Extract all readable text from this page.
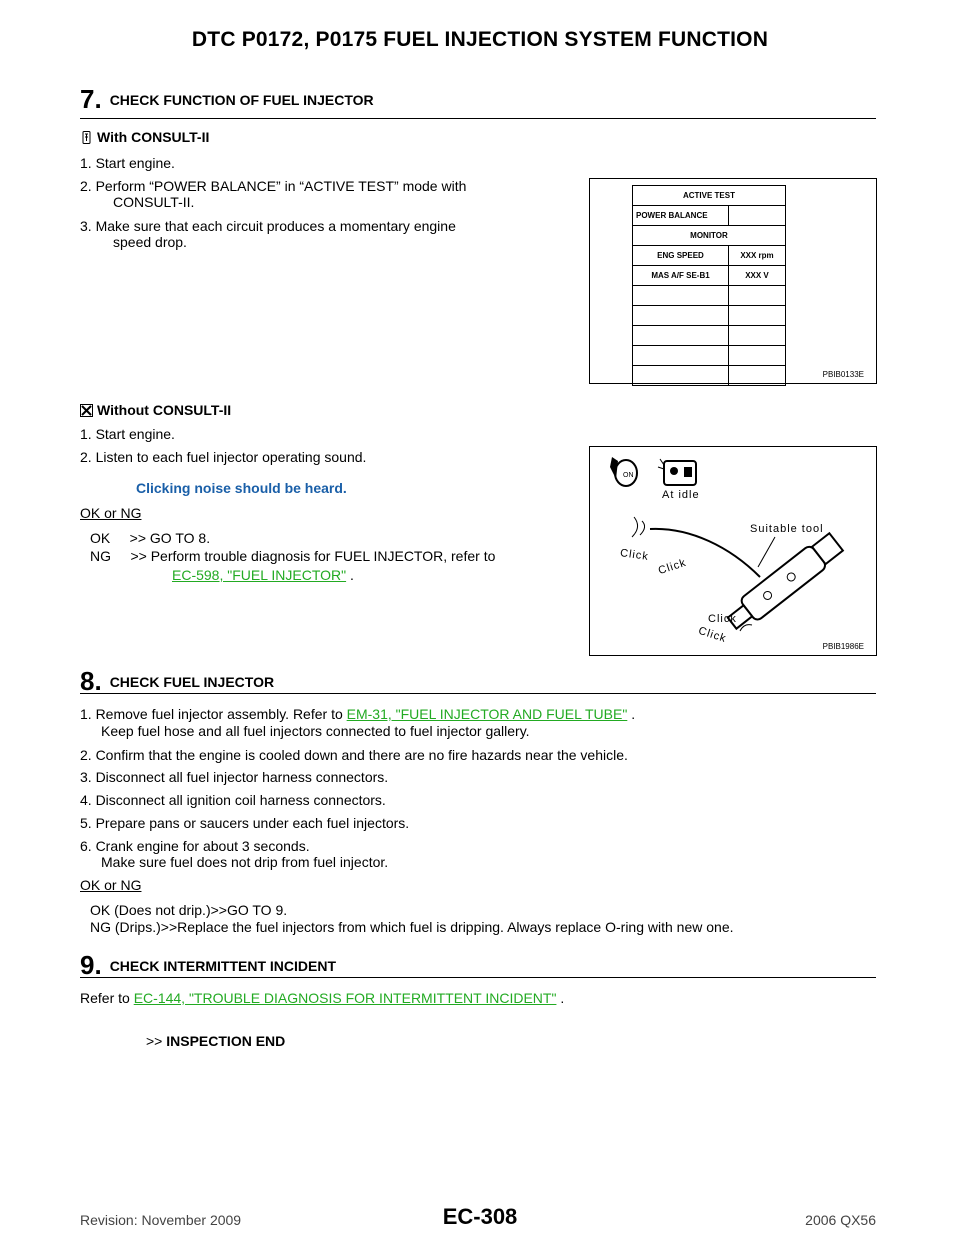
DTC P0172, P0175 FUEL INJECTION SYSTEM FUNCTION
7. CHECK FUNCTION OF FUEL INJECTOR
With CONSULT-II
1. Start engine.
2. Perform “POWER BALANCE” in “ACTIVE TEST” mode with
CONSULT-II.
3. Make sure that each circuit produces a momentary engine
speed drop.
ACTIVE TEST	
POWER BALANCE	
MONITOR	
ENG SPEED	XXX rpm
MAS A/F SE-B1	XXX V

PBIB0133E
Without CONSULT-II
1. Start engine.
2. Listen to each fuel injector operating sound.
Clicking noise should be heard.
OK or NG
OK     >> GO TO 8.
NG     >> Perform trouble diagnosis for FUEL INJECTOR, refer to
EC-598, "FUEL INJECTOR" .
ON
At idle
Suitable tool
Click
Click
Click
Click
PBIB1986E
8. CHECK FUEL INJECTOR
1. Remove fuel injector assembly. Refer to EM-31, "FUEL INJECTOR AND FUEL TUBE" .
Keep fuel hose and all fuel injectors connected to fuel injector gallery.
2. Confirm that the engine is cooled down and there are no fire hazards near the vehicle.
3. Disconnect all fuel injector harness connectors.
4. Disconnect all ignition coil harness connectors.
5. Prepare pans or saucers under each fuel injectors.
6. Crank engine for about 3 seconds.
Make sure fuel does not drip from fuel injector.
OK or NG
OK (Does not drip.)>>GO TO 9.
NG (Drips.)>>Replace the fuel injectors from which fuel is dripping. Always replace O-ring with new one.
9. CHECK INTERMITTENT INCIDENT
Refer to EC-144, "TROUBLE DIAGNOSIS FOR INTERMITTENT INCIDENT" .
>> INSPECTION END
EC-308
Revision: November 2009	2006 QX56
